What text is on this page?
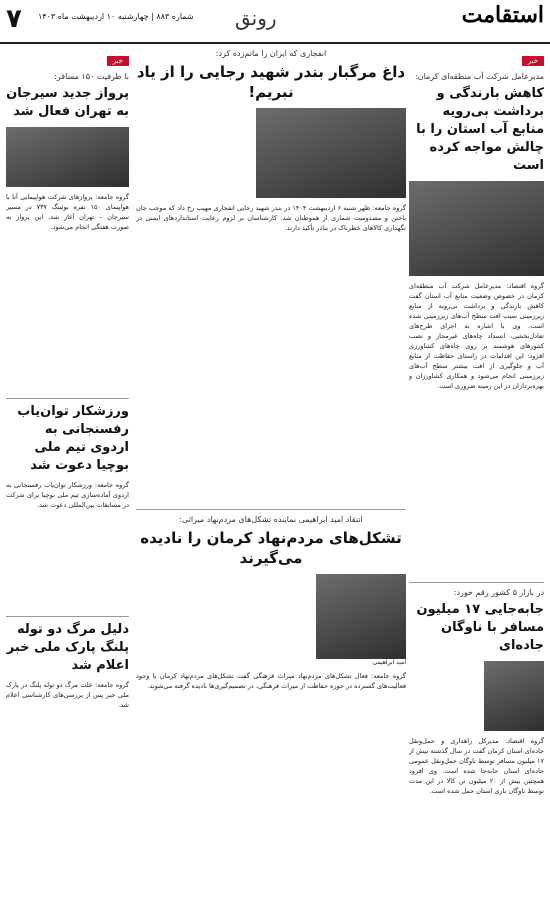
۷ شماره ۸۸۳ | چهارشنبه ۱۰ اردیبهشت ماه ۱۴۰۳ رونق	استقامت
خبر
مدیرعامل شرکت آب منطقه‌ای کرمان:
کاهش بارندگی و برداشت بی‌رویه منابع آب استان را با چالش مواجه کرده است
گروه اقتصاد: مدیرعامل شرکت آب منطقه‌ای کرمان در خصوص وضعیت منابع آب استان گفت کاهش بارندگی و برداشت بی‌رویه از منابع زیرزمینی سبب افت سطح آب‌های زیرزمینی شده است. وی با اشاره به اجرای طرح‌های تعادل‌بخشی، انسداد چاه‌های غیرمجاز و نصب کنتورهای هوشمند بر روی چاه‌های کشاورزی افزود: این اقدامات در راستای حفاظت از منابع آب و جلوگیری از افت بیشتر سطح آب‌های زیرزمینی انجام می‌شود و همکاری کشاورزان و بهره‌برداران در این زمینه ضروری است.
در بازار ۵ کشور رقم خورد:
جابه‌جایی ۱۷ میلیون مسافر با ناوگان جاده‌ای
گروه اقتصاد: مدیرکل راهداری و حمل‌ونقل جاده‌ای استان کرمان گفت در سال گذشته بیش از ۱۷ میلیون مسافر توسط ناوگان حمل‌ونقل عمومی جاده‌ای استان جابه‌جا شده است. وی افزود همچنین بیش از ۲۰ میلیون تن کالا در این مدت توسط ناوگان باری استان حمل شده است.
انفجاری که ایران را ماتم‌زده کرد:
داغ مرگبار بندر شهید رجایی را از یاد نبریم!
گروه جامعه: ظهر شنبه ۶ اردیبهشت ۱۴۰۴ در بندر شهید رجایی انفجاری مهیب رخ داد که موجب جان باختن و مصدومیت شماری از هموطنان شد. کارشناسان بر لزوم رعایت استانداردهای ایمنی در نگهداری کالاهای خطرناک در بنادر تأکید دارند.
انتقاد امید ابراهیمی نماینده تشکل‌های مردم‌نهاد میراثی:
تشکل‌های مردم‌نهاد کرمان را نادیده می‌گیرند
امید ابراهیمی
گروه جامعه: فعال تشکل‌های مردم‌نهاد میراث فرهنگی گفت تشکل‌های مردم‌نهاد کرمان با وجود فعالیت‌های گسترده در حوزه حفاظت از میراث فرهنگی، در تصمیم‌گیری‌ها نادیده گرفته می‌شوند.
خبر
با ظرفیت ۱۵۰ مسافر:
پرواز جدید سیرجان به تهران فعال شد
گروه جامعه: پروازهای شرکت هواپیمایی آتا با هواپیمای ۱۵۰ نفره بوئینگ ۷۳۷ در مسیر سیرجان – تهران آغاز شد. این پرواز به صورت هفتگی انجام می‌شود.
ورزشکار توان‌یاب رفسنجانی به اردوی تیم ملی بوچیا دعوت شد
گروه جامعه: ورزشکار توان‌یاب رفسنجانی به اردوی آماده‌سازی تیم ملی بوچیا برای شرکت در مسابقات بین‌المللی دعوت شد.
دلیل مرگ دو توله پلنگ پارک ملی خبر اعلام شد
گروه جامعه: علت مرگ دو توله پلنگ در پارک ملی خبر پس از بررسی‌های کارشناسی اعلام شد.
